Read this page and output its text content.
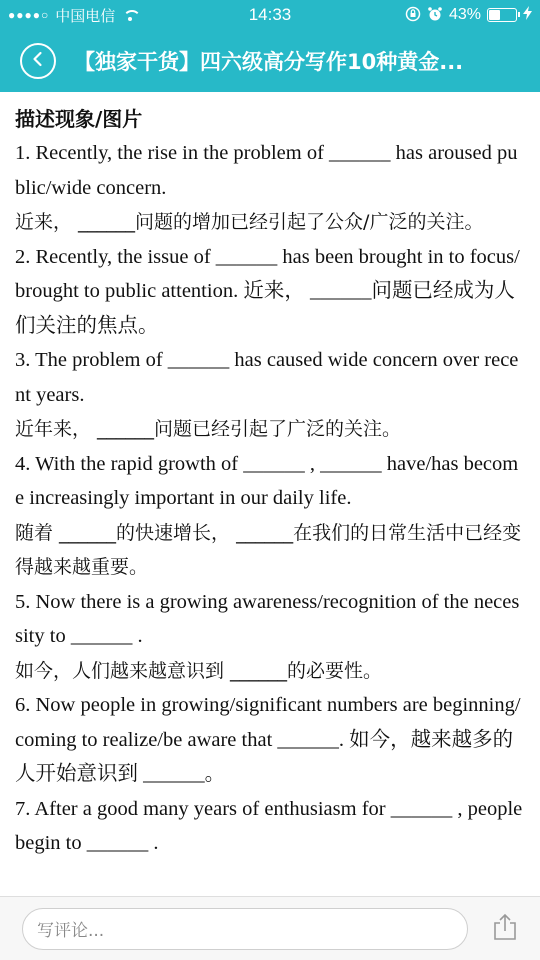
●●●●○ 中国电信	14:33	43%
【独家干货】四六级高分写作10种黄金...
描述现象/图片
1. Recently, the rise in the problem of ______ has aroused public/wide concern.
近来， ______问题的增加已经引起了公众/广泛的关注。
2. Recently, the issue of ______ has been brought in to focus/brought to public attention. 近来， ______问题已经成为人们关注的焦点。
3. The problem of ______ has caused wide concern over recent years.
近年来， ______问题已经引起了广泛的关注。
4. With the rapid growth of ______ , ______ have/has become increasingly important in our daily life.
随着 ______的快速增长， ______在我们的日常生活中已经变得越来越重要。
5. Now there is a growing awareness/recognition of the necessity to ______ .
如今，人们越来越意识到 ______的必要性。
6. Now people in growing/significant numbers are beginning/coming to realize/be aware that ______. 如今，越来越多的人开始意识到 ______。
7. After a good many years of enthusiasm for ______ , people begin to ______ .
写评论...
